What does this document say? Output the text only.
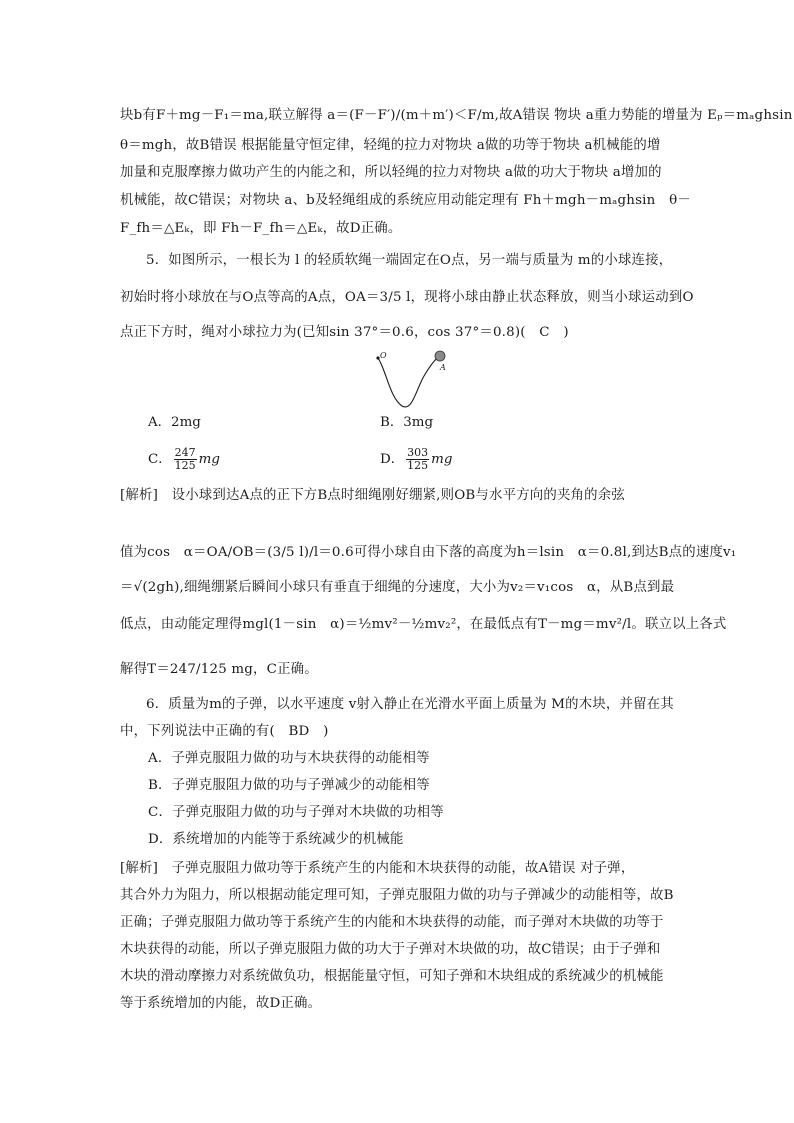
块b有F＋mg－F₁＝ma,联立解得 a＝(F－F′)/(m＋m′)＜F/m,故A错误 物块 a重力势能的增量为 Eₚ＝mₐghsin
θ＝mgh，故B错误 根据能量守恒定律，轻绳的拉力对物块 a做的功等于物块 a机械能的增
加量和克服摩擦力做功产生的内能之和，所以轻绳的拉力对物块 a做的功大于物块 a增加的
机械能，故C错误；对物块 a、b及轻绳组成的系统应用动能定理有 Fh＋mgh－mₐghsin　θ－
F_fh＝△Eₖ，即 Fh－F_fh＝△Eₖ，故D正确。
5．如图所示，一根长为 l 的轻质软绳一端固定在O点，另一端与质量为 m的小球连接，
初始时将小球放在与O点等高的A点，OA＝3/5 l，现将小球由静止状态释放，则当小球运动到O
点正下方时，绳对小球拉力为(已知sin 37°＝0.6，cos 37°＝0.8)(　C　)
O
A
A．2mg	B．3mg
C． $\frac{247}{125}$ mg	D． $\frac{303}{125}$ mg
[解析]　设小球到达A点的正下方B点时细绳刚好绷紧,则OB与水平方向的夹角的余弦
值为cos　α＝OA/OB＝(3/5 l)/l＝0.6可得小球自由下落的高度为h＝lsin　α＝0.8l,到达B点的速度v₁
＝√(2gh),细绳绷紧后瞬间小球只有垂直于细绳的分速度，大小为v₂＝v₁cos　α，从B点到最
低点，由动能定理得mgl(1－sin　α)＝½mv²－½mv₂²，在最低点有T－mg＝mv²/l。联立以上各式
解得T＝247/125 mg，C正确。
6．质量为m的子弹，以水平速度 v射入静止在光滑水平面上质量为 M的木块，并留在其
中，下列说法中正确的有(　BD　)
A．子弹克服阻力做的功与木块获得的动能相等
B．子弹克服阻力做的功与子弹减少的动能相等
C．子弹克服阻力做的功与子弹对木块做的功相等
D．系统增加的内能等于系统减少的机械能
[解析]　子弹克服阻力做功等于系统产生的内能和木块获得的动能，故A错误 对子弹，
其合外力为阻力，所以根据动能定理可知，子弹克服阻力做的功与子弹减少的动能相等，故B
正确；子弹克服阻力做功等于系统产生的内能和木块获得的动能，而子弹对木块做的功等于
木块获得的动能，所以子弹克服阻力做的功大于子弹对木块做的功，故C错误；由于子弹和
木块的滑动摩擦力对系统做负功，根据能量守恒，可知子弹和木块组成的系统减少的机械能
等于系统增加的内能，故D正确。
